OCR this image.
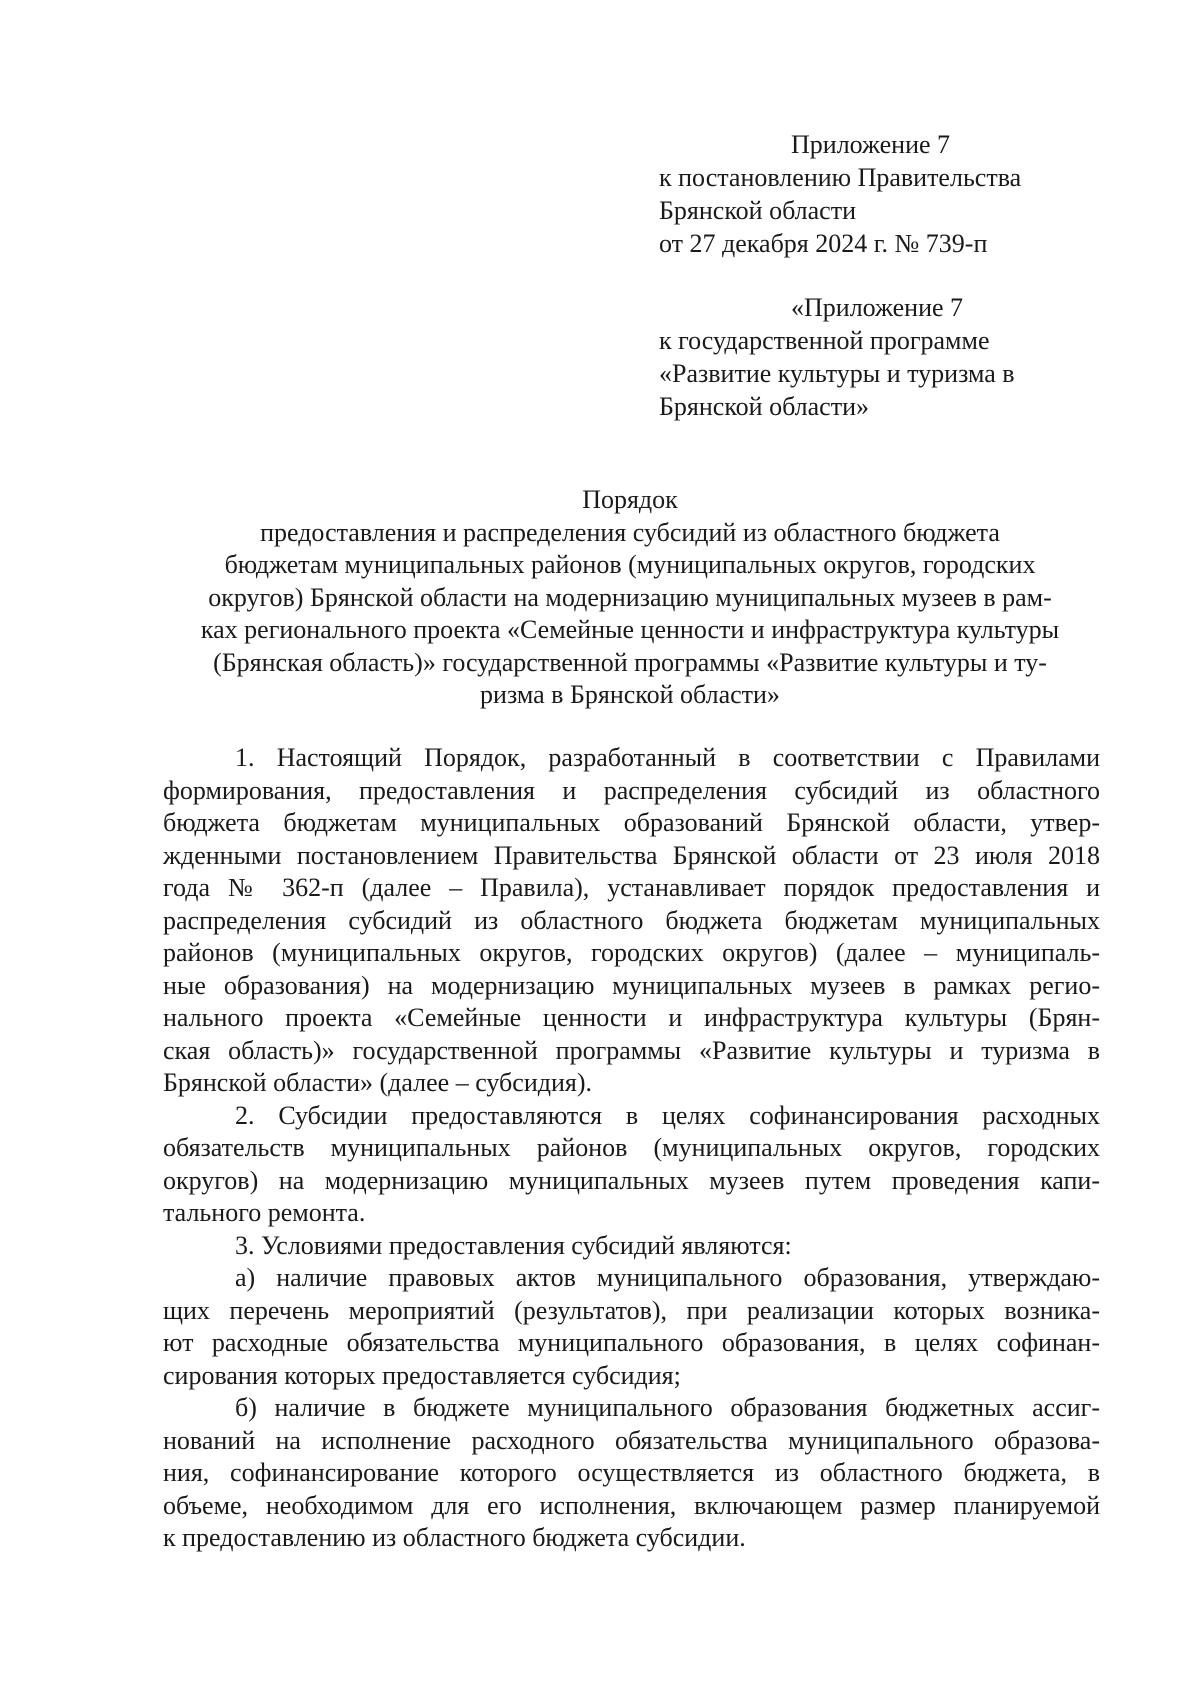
Приложение 7
к постановлению Правительства
Брянской области
от 27 декабря 2024 г. № 739-п
«Приложение 7
к государственной программе
«Развитие культуры и туризма в
Брянской области»
Порядок
предоставления и распределения субсидий из областного бюджета
бюджетам муниципальных районов (муниципальных округов, городских
округов) Брянской области на модернизацию муниципальных музеев в рам-
ках регионального проекта «Семейные ценности и инфраструктура культуры
(Брянская область)» государственной программы «Развитие культуры и ту-
ризма в Брянской области»
1. Настоящий Порядок, разработанный в соответствии с Правилами
формирования, предоставления и распределения субсидий из областного
бюджета бюджетам муниципальных образований Брянской области, утвер-
жденными постановлением Правительства Брянской области от 23 июля 2018
года № 362-п (далее – Правила), устанавливает порядок предоставления и
распределения субсидий из областного бюджета бюджетам муниципальных
районов (муниципальных округов, городских округов) (далее – муниципаль-
ные образования) на модернизацию муниципальных музеев в рамках регио-
нального проекта «Семейные ценности и инфраструктура культуры (Брян-
ская область)» государственной программы «Развитие культуры и туризма в
Брянской области» (далее – субсидия).
2. Субсидии предоставляются в целях софинансирования расходных
обязательств муниципальных районов (муниципальных округов, городских
округов) на модернизацию муниципальных музеев путем проведения капи-
тального ремонта.
3. Условиями предоставления субсидий являются:
а) наличие правовых актов муниципального образования, утверждаю-
щих перечень мероприятий (результатов), при реализации которых возника-
ют расходные обязательства муниципального образования, в целях софинан-
сирования которых предоставляется субсидия;
б) наличие в бюджете муниципального образования бюджетных ассиг-
нований на исполнение расходного обязательства муниципального образова-
ния, софинансирование которого осуществляется из областного бюджета, в
объеме, необходимом для его исполнения, включающем размер планируемой
к предоставлению из областного бюджета субсидии.
